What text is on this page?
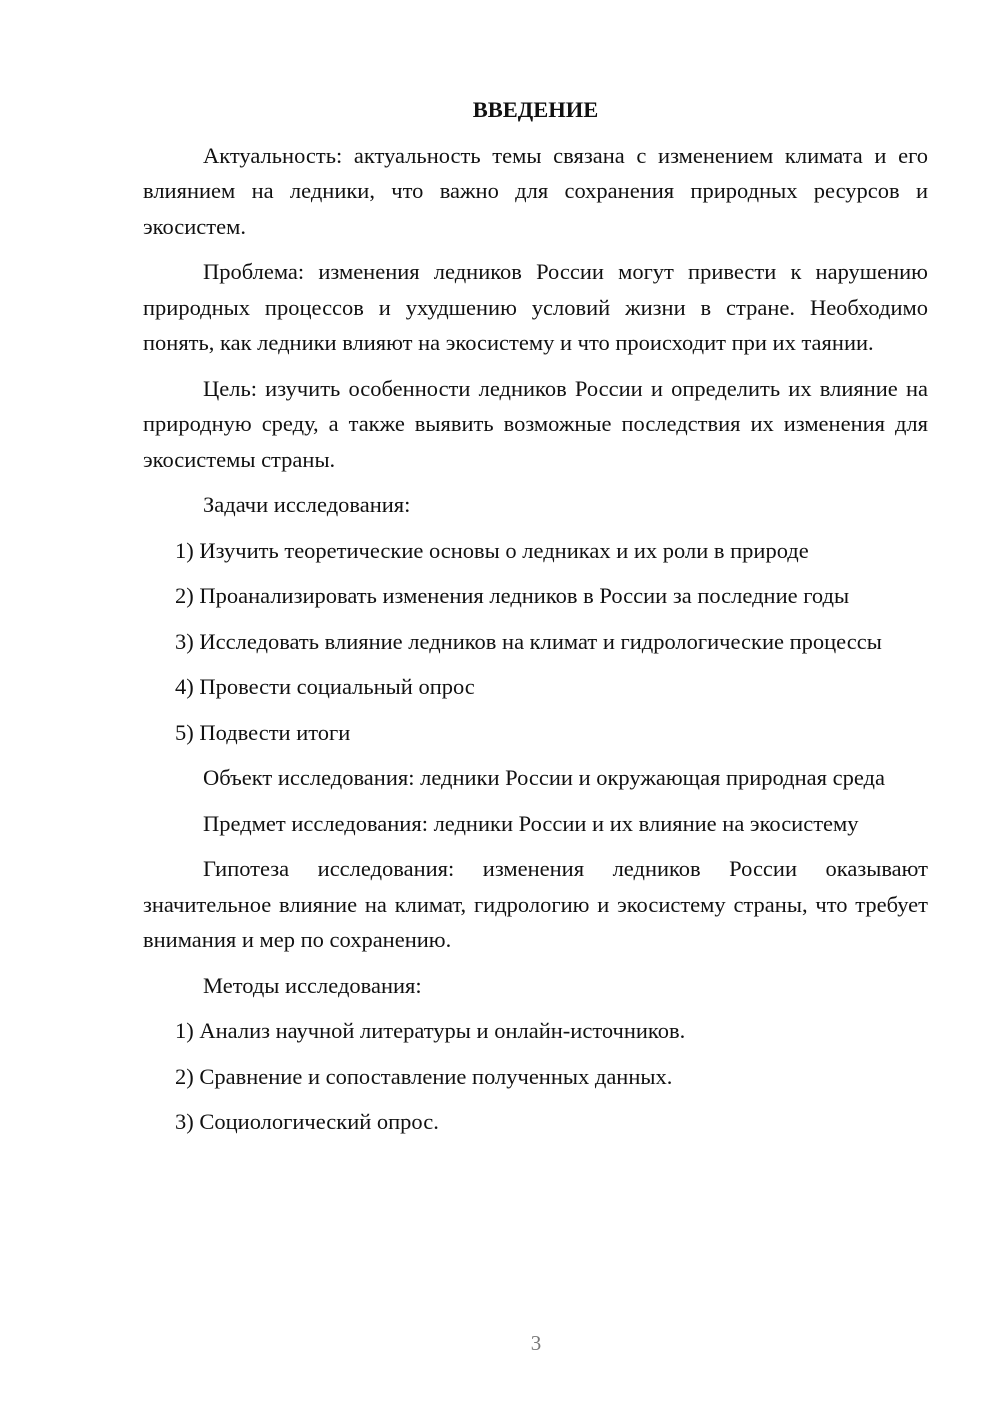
ВВЕДЕНИЕ

Актуальность: актуальность темы связана с изменением климата и его влиянием на ледники, что важно для сохранения природных ресурсов и экосистем.

Проблема: изменения ледников России могут привести к нарушению природных процессов и ухудшению условий жизни в стране. Необходимо понять, как ледники влияют на экосистему и что происходит при их таянии.

Цель: изучить особенности ледников России и определить их влияние на природную среду, а также выявить возможные последствия их изменения для экосистемы страны.

Задачи исследования:

1) Изучить теоретические основы о ледниках и их роли в природе

2) Проанализировать изменения ледников в России за последние годы

3) Исследовать влияние ледников на климат и гидрологические процессы

4) Провести социальный опрос

5) Подвести итоги

Объект исследования: ледники России и окружающая природная среда

Предмет исследования: ледники России и их влияние на экосистему

Гипотеза исследования: изменения ледников России оказывают значительное влияние на климат, гидрологию и экосистему страны, что требует внимания и мер по сохранению.

Методы исследования:

1) Анализ научной литературы и онлайн-источников.

2) Сравнение и сопоставление полученных данных.

3) Социологический опрос.

3
